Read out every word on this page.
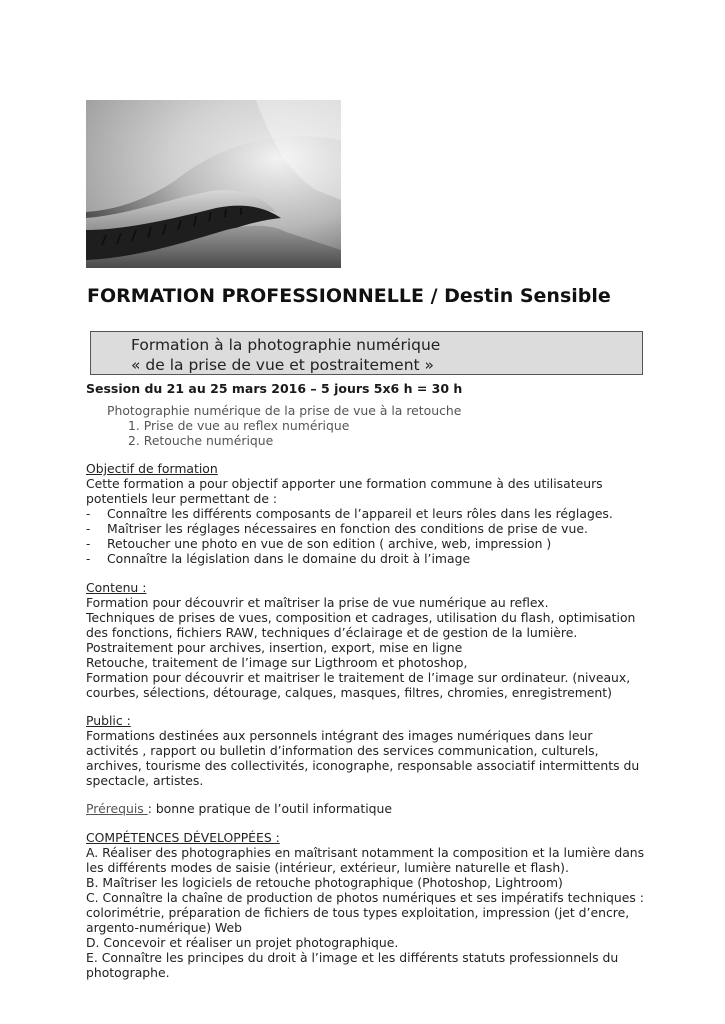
FORMATION PROFESSIONNELLE / Destin Sensible
Formation à la photographie numérique
« de la prise de vue et postraitement »
Session du 21 au 25 mars 2016 – 5 jours 5x6 h = 30 h
Photographie numérique de la prise de vue à la retouche
1. Prise de vue au reflex numérique
2. Retouche numérique
Objectif de formation
Cette formation a pour objectif apporter une formation commune à des utilisateurs
potentiels leur permettant de :
- Connaître les différents composants de l’appareil et leurs rôles dans les réglages.
- Maîtriser les réglages nécessaires en fonction des conditions de prise de vue.
- Retoucher une photo en vue de son edition ( archive, web, impression )
- Connaître la législation dans le domaine du droit à l’image
Contenu :
Formation pour découvrir et maîtriser la prise de vue numérique au reflex.
Techniques de prises de vues, composition et cadrages, utilisation du flash, optimisation
des fonctions, fichiers RAW, techniques d’éclairage et de gestion de la lumière.
Postraitement pour archives, insertion, export, mise en ligne
Retouche, traitement de l’image sur Ligthroom et photoshop,
Formation pour découvrir et maitriser le traitement de l’image sur ordinateur. (niveaux,
courbes, sélections, détourage, calques, masques, filtres, chromies, enregistrement)
Public :
Formations destinées aux personnels intégrant des images numériques dans leur
activités , rapport ou bulletin d’information des services communication, culturels,
archives, tourisme des collectivités, iconographe, responsable associatif intermittents du
spectacle, artistes.
Prérequis : bonne pratique de l’outil informatique
COMPÉTENCES DÉVELOPPÉES :
A. Réaliser des photographies en maîtrisant notamment la composition et la lumière dans
les différents modes de saisie (intérieur, extérieur, lumière naturelle et flash).
B. Maîtriser les logiciels de retouche photographique (Photoshop, Lightroom)
C. Connaître la chaîne de production de photos numériques et ses impératifs techniques :
colorimétrie, préparation de fichiers de tous types exploitation, impression (jet d’encre,
argento-numérique) Web
D. Concevoir et réaliser un projet photographique.
E. Connaître les principes du droit à l’image et les différents statuts professionnels du
photographe.
